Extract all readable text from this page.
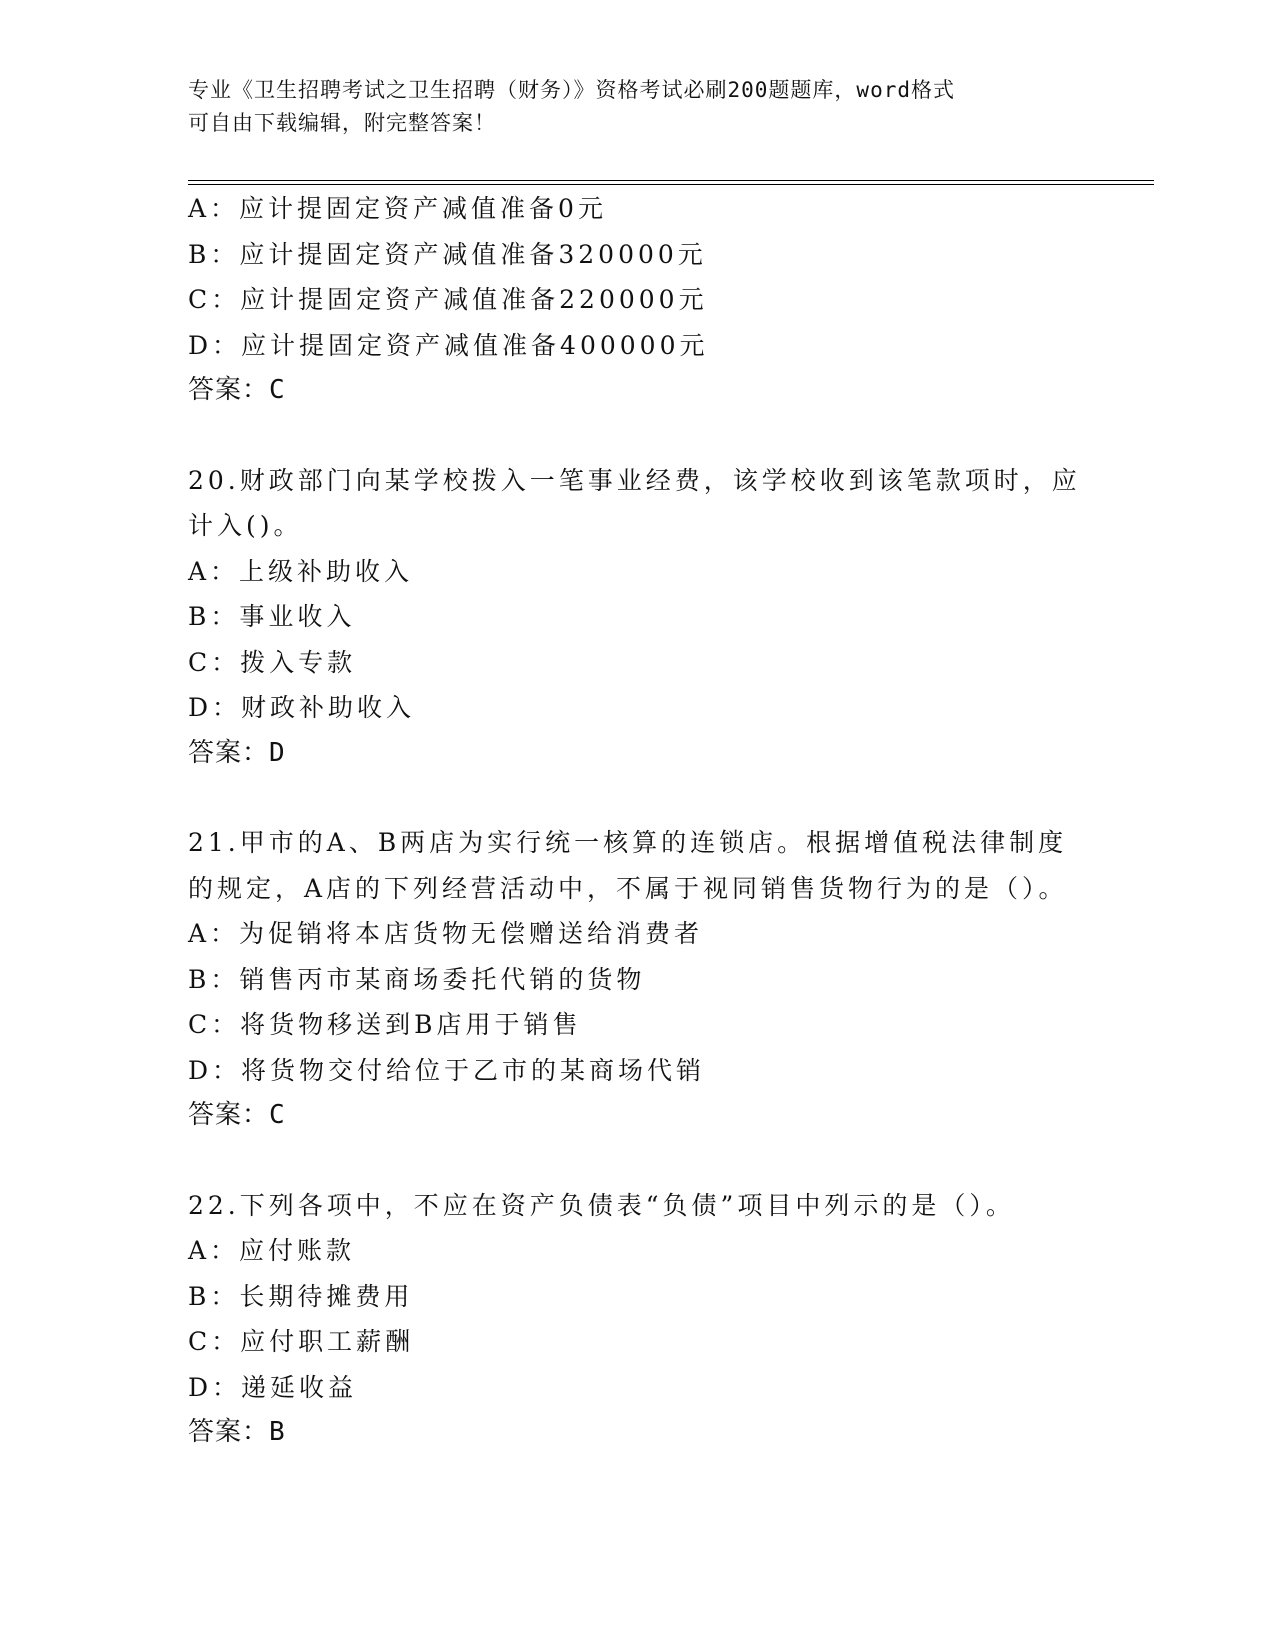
专业《卫生招聘考试之卫生招聘（财务）》资格考试必刷200题题库，word格式
可自由下载编辑，附完整答案！
A：应计提固定资产减值准备0元
B：应计提固定资产减值准备320000元
C：应计提固定资产减值准备220000元
D：应计提固定资产减值准备400000元
答案：C
20.财政部门向某学校拨入一笔事业经费，该学校收到该笔款项时，应
计入()。
A：上级补助收入
B：事业收入
C：拨入专款
D：财政补助收入
答案：D
21.甲市的A、B两店为实行统一核算的连锁店。根据增值税法律制度
的规定，A店的下列经营活动中，不属于视同销售货物行为的是（）。
A：为促销将本店货物无偿赠送给消费者
B：销售丙市某商场委托代销的货物
C：将货物移送到B店用于销售
D：将货物交付给位于乙市的某商场代销
答案：C
22.下列各项中，不应在资产负债表“负债”项目中列示的是（）。
A：应付账款
B：长期待摊费用
C：应付职工薪酬
D：递延收益
答案：B
